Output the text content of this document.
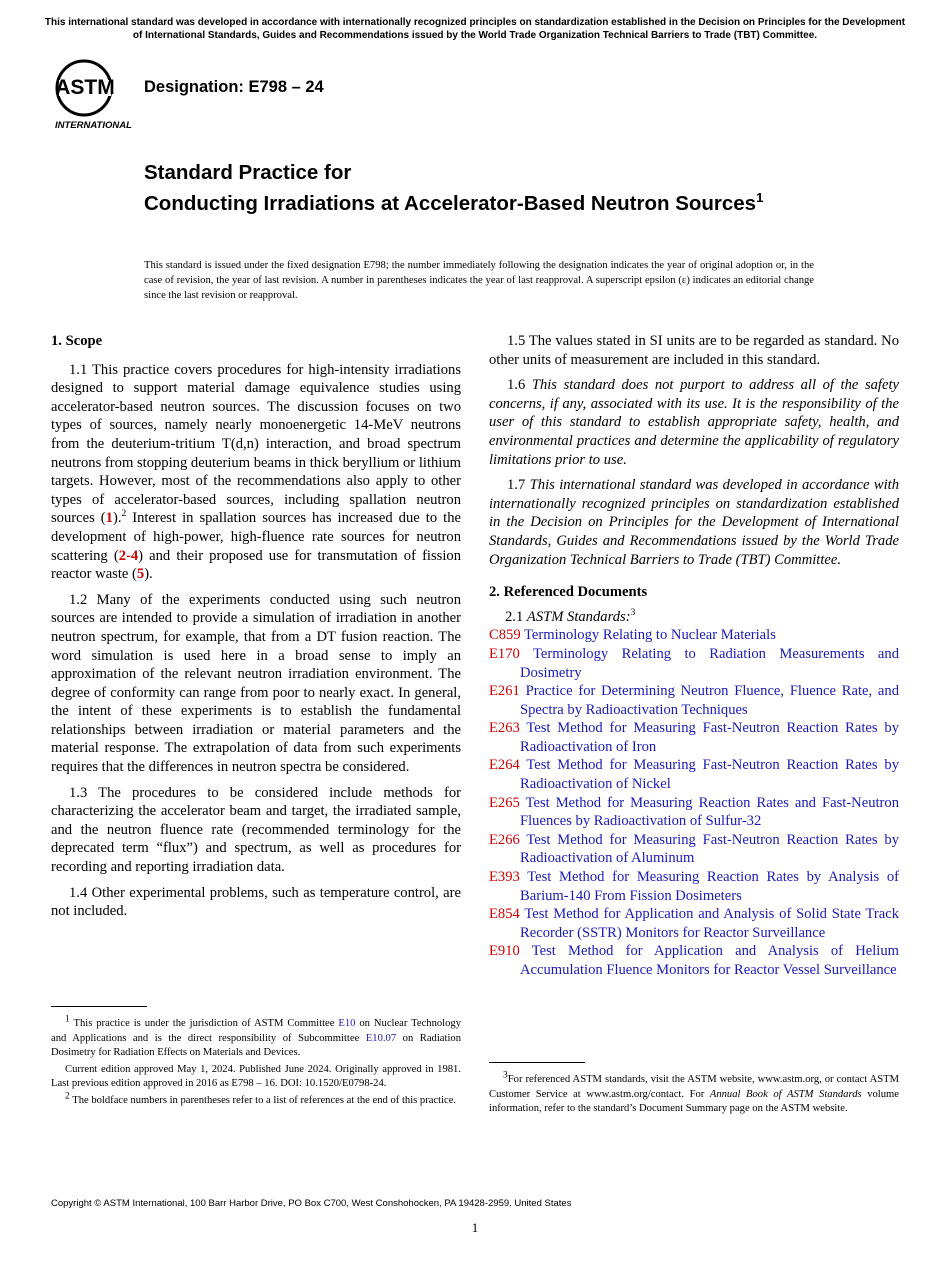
This international standard was developed in accordance with internationally recognized principles on standardization established in the Decision on Principles for the Development of International Standards, Guides and Recommendations issued by the World Trade Organization Technical Barriers to Trade (TBT) Committee.
ASTM
INTERNATIONAL
Designation: E798 – 24
Standard Practice for
Conducting Irradiations at Accelerator-Based Neutron Sources$^1$
This standard is issued under the fixed designation E798; the number immediately following the designation indicates the year of original adoption or, in the case of revision, the year of last revision. A number in parentheses indicates the year of last reapproval. A superscript epsilon (ε) indicates an editorial change since the last revision or reapproval.
1. Scope

1.1 This practice covers procedures for high-intensity irradiations designed to support material damage equivalence studies using accelerator-based neutron sources. The discussion focuses on two types of sources, namely nearly monoenergetic 14-MeV neutrons from the deuterium-tritium T(d,n) interaction, and broad spectrum neutrons from stopping deuterium beams in thick beryllium or lithium targets. However, most of the recommendations also apply to other types of accelerator-based sources, including spallation neutron sources (1).$^2$ Interest in spallation sources has increased due to the development of high-power, high-fluence rate sources for neutron scattering (2-4) and their proposed use for transmutation of fission reactor waste (5).

1.2 Many of the experiments conducted using such neutron sources are intended to provide a simulation of irradiation in another neutron spectrum, for example, that from a DT fusion reaction. The word simulation is used here in a broad sense to imply an approximation of the relevant neutron irradiation environment. The degree of conformity can range from poor to nearly exact. In general, the intent of these experiments is to establish the fundamental relationships between irradiation or material parameters and the material response. The extrapolation of data from such experiments requires that the differences in neutron spectra be considered.

1.3 The procedures to be considered include methods for characterizing the accelerator beam and target, the irradiated sample, and the neutron fluence rate (recommended terminology for the deprecated term “flux”) and spectrum, as well as procedures for recording and reporting irradiation data.

1.4 Other experimental problems, such as temperature control, are not included.

1 This practice is under the jurisdiction of ASTM Committee E10 on Nuclear Technology and Applications and is the direct responsibility of Subcommittee E10.07 on Radiation Dosimetry for Radiation Effects on Materials and Devices.

Current edition approved May 1, 2024. Published June 2024. Originally approved in 1981. Last previous edition approved in 2016 as E798 – 16. DOI: 10.1520/E0798-24.

2 The boldface numbers in parentheses refer to a list of references at the end of this practice.

1.5 The values stated in SI units are to be regarded as standard. No other units of measurement are included in this standard.

1.6 This standard does not purport to address all of the safety concerns, if any, associated with its use. It is the responsibility of the user of this standard to establish appropriate safety, health, and environmental practices and determine the applicability of regulatory limitations prior to use.

1.7 This international standard was developed in accordance with internationally recognized principles on standardization established in the Decision on Principles for the Development of International Standards, Guides and Recommendations issued by the World Trade Organization Technical Barriers to Trade (TBT) Committee.

2. Referenced Documents
2.1 ASTM Standards:$^3$
C859 Terminology Relating to Nuclear Materials
E170 Terminology Relating to Radiation Measurements and Dosimetry
E261 Practice for Determining Neutron Fluence, Fluence Rate, and Spectra by Radioactivation Techniques
E263 Test Method for Measuring Fast-Neutron Reaction Rates by Radioactivation of Iron
E264 Test Method for Measuring Fast-Neutron Reaction Rates by Radioactivation of Nickel
E265 Test Method for Measuring Reaction Rates and Fast-Neutron Fluences by Radioactivation of Sulfur-32
E266 Test Method for Measuring Fast-Neutron Reaction Rates by Radioactivation of Aluminum
E393 Test Method for Measuring Reaction Rates by Analysis of Barium-140 From Fission Dosimeters
E854 Test Method for Application and Analysis of Solid State Track Recorder (SSTR) Monitors for Reactor Surveillance
E910 Test Method for Application and Analysis of Helium Accumulation Fluence Monitors for Reactor Vessel Surveillance

3For referenced ASTM standards, visit the ASTM website, www.astm.org, or contact ASTM Customer Service at www.astm.org/contact. For Annual Book of ASTM Standards volume information, refer to the standard’s Document Summary page on the ASTM website.

Copyright © ASTM International, 100 Barr Harbor Drive, PO Box C700, West Conshohocken, PA 19428-2959. United States
1
